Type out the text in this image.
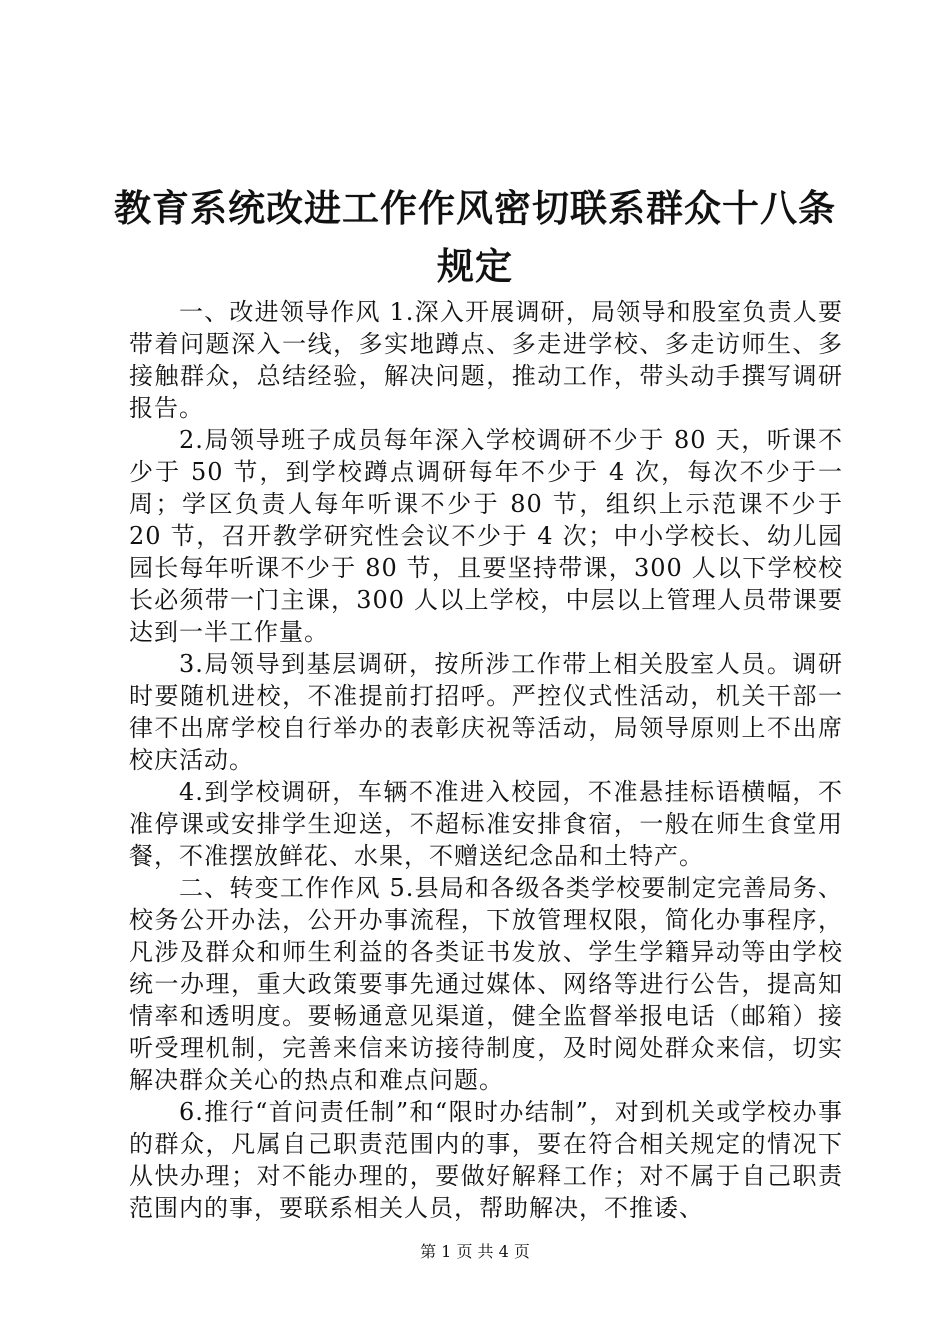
教育系统改进工作作风密切联系群众十八条规定

一、改进领导作风 1.深入开展调研，局领导和股室负责人要带着问题深入一线，多实地蹲点、多走进学校、多走访师生、多接触群众，总结经验，解决问题，推动工作，带头动手撰写调研报告。

2.局领导班子成员每年深入学校调研不少于 80 天，听课不少于 50 节，到学校蹲点调研每年不少于 4 次，每次不少于一周；学区负责人每年听课不少于 80 节，组织上示范课不少于 20 节，召开教学研究性会议不少于 4 次；中小学校长、幼儿园园长每年听课不少于 80 节，且要坚持带课，300 人以下学校校长必须带一门主课，300 人以上学校，中层以上管理人员带课要达到一半工作量。

3.局领导到基层调研，按所涉工作带上相关股室人员。调研时要随机进校，不准提前打招呼。严控仪式性活动，机关干部一律不出席学校自行举办的表彰庆祝等活动，局领导原则上不出席校庆活动。

4.到学校调研，车辆不准进入校园，不准悬挂标语横幅，不准停课或安排学生迎送，不超标准安排食宿，一般在师生食堂用餐，不准摆放鲜花、水果，不赠送纪念品和土特产。

二、转变工作作风 5.县局和各级各类学校要制定完善局务、校务公开办法，公开办事流程，下放管理权限，简化办事程序，凡涉及群众和师生利益的各类证书发放、学生学籍异动等由学校统一办理，重大政策要事先通过媒体、网络等进行公告，提高知情率和透明度。要畅通意见渠道，健全监督举报电话（邮箱）接听受理机制，完善来信来访接待制度，及时阅处群众来信，切实解决群众关心的热点和难点问题。

6.推行“首问责任制”和“限时办结制”，对到机关或学校办事的群众，凡属自己职责范围内的事，要在符合相关规定的情况下从快办理；对不能办理的，要做好解释工作；对不属于自己职责范围内的事，要联系相关人员，帮助解决，不推诿、

第 1 页 共 4 页
